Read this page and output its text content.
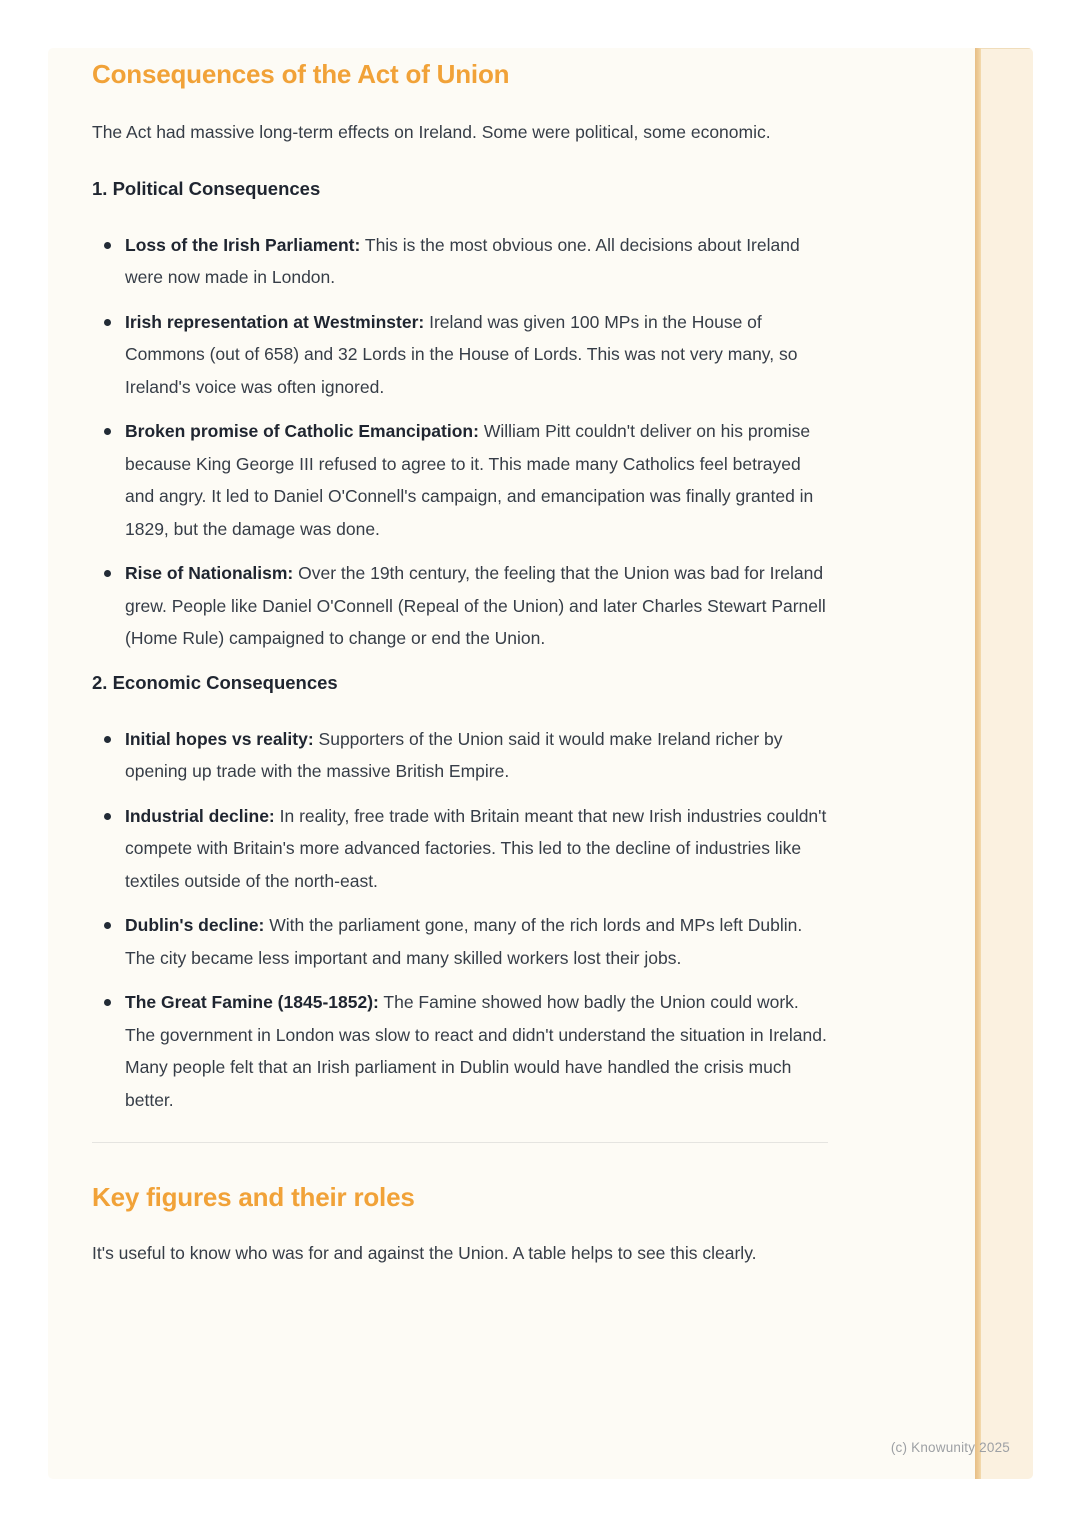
Consequences of the Act of Union

The Act had massive long-term effects on Ireland. Some were political, some economic.

1. Political Consequences
Loss of the Irish Parliament: This is the most obvious one. All decisions about Ireland were now made in London.
Irish representation at Westminster: Ireland was given 100 MPs in the House of Commons (out of 658) and 32 Lords in the House of Lords. This was not very many, so Ireland's voice was often ignored.
Broken promise of Catholic Emancipation: William Pitt couldn't deliver on his promise because King George III refused to agree to it. This made many Catholics feel betrayed and angry. It led to Daniel O'Connell's campaign, and emancipation was finally granted in 1829, but the damage was done.
Rise of Nationalism: Over the 19th century, the feeling that the Union was bad for Ireland grew. People like Daniel O'Connell (Repeal of the Union) and later Charles Stewart Parnell (Home Rule) campaigned to change or end the Union.
2. Economic Consequences
Initial hopes vs reality: Supporters of the Union said it would make Ireland richer by opening up trade with the massive British Empire.
Industrial decline: In reality, free trade with Britain meant that new Irish industries couldn't compete with Britain's more advanced factories. This led to the decline of industries like textiles outside of the north-east.
Dublin's decline: With the parliament gone, many of the rich lords and MPs left Dublin. The city became less important and many skilled workers lost their jobs.
The Great Famine (1845-1852): The Famine showed how badly the Union could work. The government in London was slow to react and didn't understand the situation in Ireland. Many people felt that an Irish parliament in Dublin would have handled the crisis much better.
Key figures and their roles

It's useful to know who was for and against the Union. A table helps to see this clearly.

(c) Knowunity 2025
